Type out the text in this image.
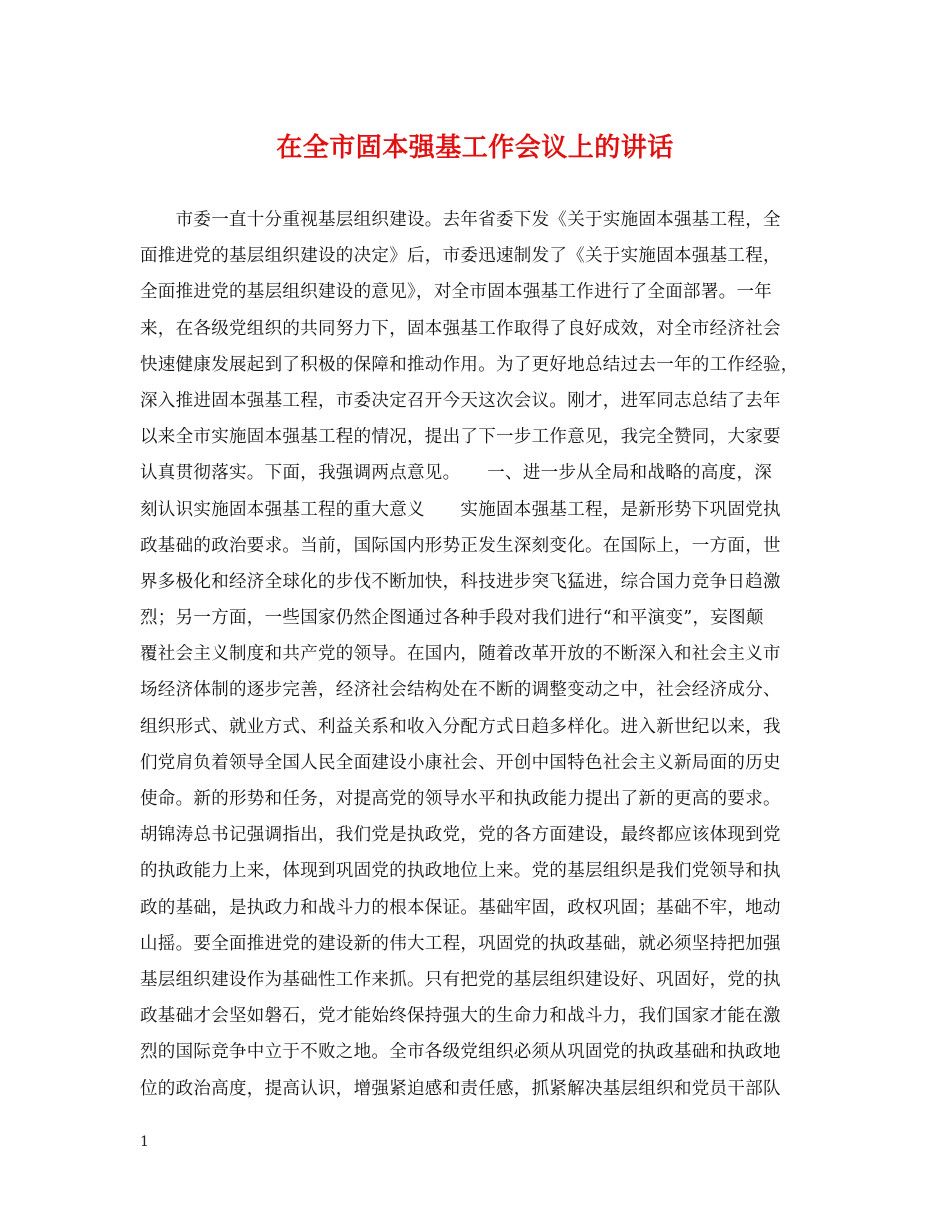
在全市固本强基工作会议上的讲话
　　市委一直十分重视基层组织建设。去年省委下发《关于实施固本强基工程，全
面推进党的基层组织建设的决定》后，市委迅速制发了《关于实施固本强基工程，
全面推进党的基层组织建设的意见》，对全市固本强基工作进行了全面部署。一年
来，在各级党组织的共同努力下，固本强基工作取得了良好成效，对全市经济社会
快速健康发展起到了积极的保障和推动作用。为了更好地总结过去一年的工作经验，
深入推进固本强基工程，市委决定召开今天这次会议。刚才，进军同志总结了去年
以来全市实施固本强基工程的情况，提出了下一步工作意见，我完全赞同，大家要
认真贯彻落实。下面，我强调两点意见。　　一、进一步从全局和战略的高度，深
刻认识实施固本强基工程的重大意义　　实施固本强基工程，是新形势下巩固党执
政基础的政治要求。当前，国际国内形势正发生深刻变化。在国际上，一方面，世
界多极化和经济全球化的步伐不断加快，科技进步突飞猛进，综合国力竞争日趋激
烈；另一方面，一些国家仍然企图通过各种手段对我们进行“和平演变”，妄图颠
覆社会主义制度和共产党的领导。在国内，随着改革开放的不断深入和社会主义市
场经济体制的逐步完善，经济社会结构处在不断的调整变动之中，社会经济成分、
组织形式、就业方式、利益关系和收入分配方式日趋多样化。进入新世纪以来，我
们党肩负着领导全国人民全面建设小康社会、开创中国特色社会主义新局面的历史
使命。新的形势和任务，对提高党的领导水平和执政能力提出了新的更高的要求。
胡锦涛总书记强调指出，我们党是执政党，党的各方面建设，最终都应该体现到党
的执政能力上来，体现到巩固党的执政地位上来。党的基层组织是我们党领导和执
政的基础，是执政力和战斗力的根本保证。基础牢固，政权巩固；基础不牢，地动
山摇。要全面推进党的建设新的伟大工程，巩固党的执政基础，就必须坚持把加强
基层组织建设作为基础性工作来抓。只有把党的基层组织建设好、巩固好，党的执
政基础才会坚如磐石，党才能始终保持强大的生命力和战斗力，我们国家才能在激
烈的国际竞争中立于不败之地。全市各级党组织必须从巩固党的执政基础和执政地
位的政治高度，提高认识，增强紧迫感和责任感，抓紧解决基层组织和党员干部队
1
